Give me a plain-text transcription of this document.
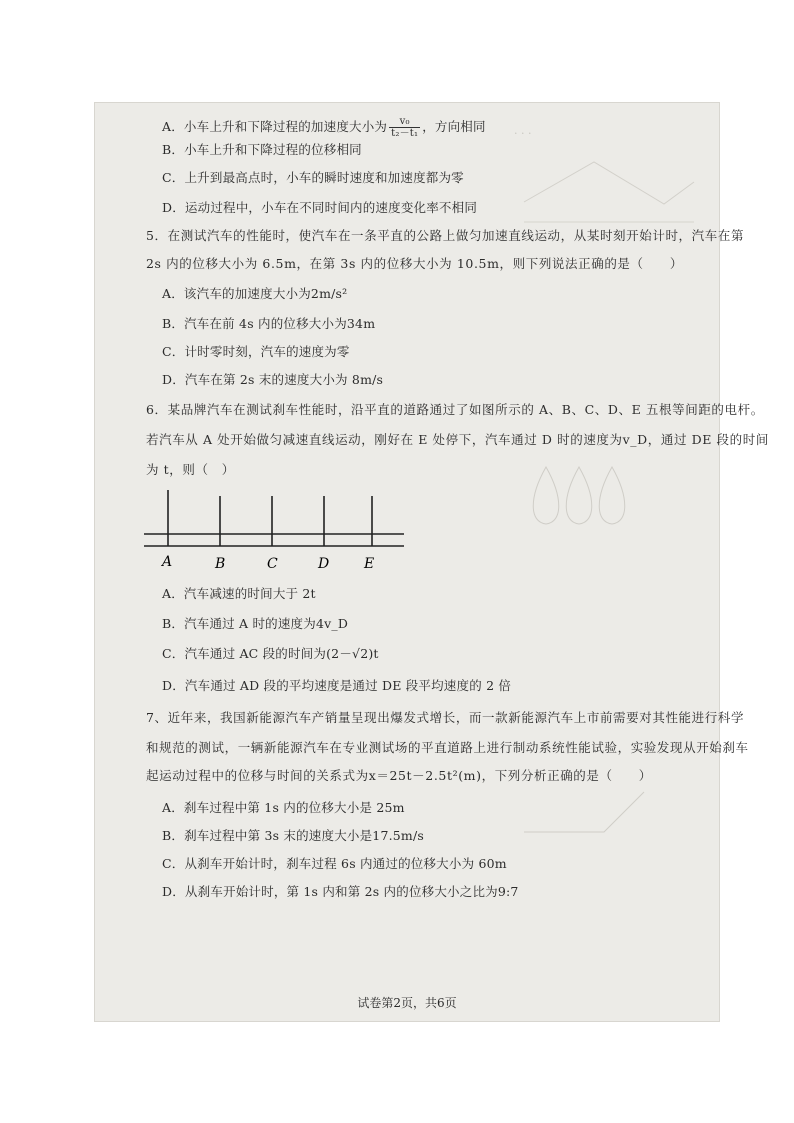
. . .
A．小车上升和下降过程的加速度大小为 $\frac{\text{v₀}}{\text{t₂－t₁}}$ ，方向相同
B．小车上升和下降过程的位移相同
C．上升到最高点时，小车的瞬时速度和加速度都为零
D．运动过程中，小车在不同时间内的速度变化率不相同
5．在测试汽车的性能时，使汽车在一条平直的公路上做匀加速直线运动，从某时刻开始计时，汽车在第
2s 内的位移大小为 6.5m，在第 3s 内的位移大小为 10.5m，则下列说法正确的是（　　）
A．该汽车的加速度大小为2m/s²
B．汽车在前 4s 内的位移大小为34m
C．计时零时刻，汽车的速度为零
D．汽车在第 2s 末的速度大小为 8m/s
6．某品牌汽车在测试刹车性能时，沿平直的道路通过了如图所示的 A、B、C、D、E 五根等间距的电杆。
若汽车从 A 处开始做匀减速直线运动，刚好在 E 处停下，汽车通过 D 时的速度为v_D，通过 DE 段的时间
为 t，则（　）
A	B	C	D E
A．汽车减速的时间大于 2t
B．汽车通过 A 时的速度为4v_D
C．汽车通过 AC 段的时间为(2－√2)t
D．汽车通过 AD 段的平均速度是通过 DE 段平均速度的 2 倍
7、近年来，我国新能源汽车产销量呈现出爆发式增长，而一款新能源汽车上市前需要对其性能进行科学
和规范的测试，一辆新能源汽车在专业测试场的平直道路上进行制动系统性能试验，实验发现从开始刹车
起运动过程中的位移与时间的关系式为x＝25t－2.5t²(m)，下列分析正确的是（　　）
A．刹车过程中第 1s 内的位移大小是 25m
B．刹车过程中第 3s 末的速度大小是17.5m/s
C．从刹车开始计时，刹车过程 6s 内通过的位移大小为 60m
D．从刹车开始计时，第 1s 内和第 2s 内的位移大小之比为9:7
试卷第2页，共6页
